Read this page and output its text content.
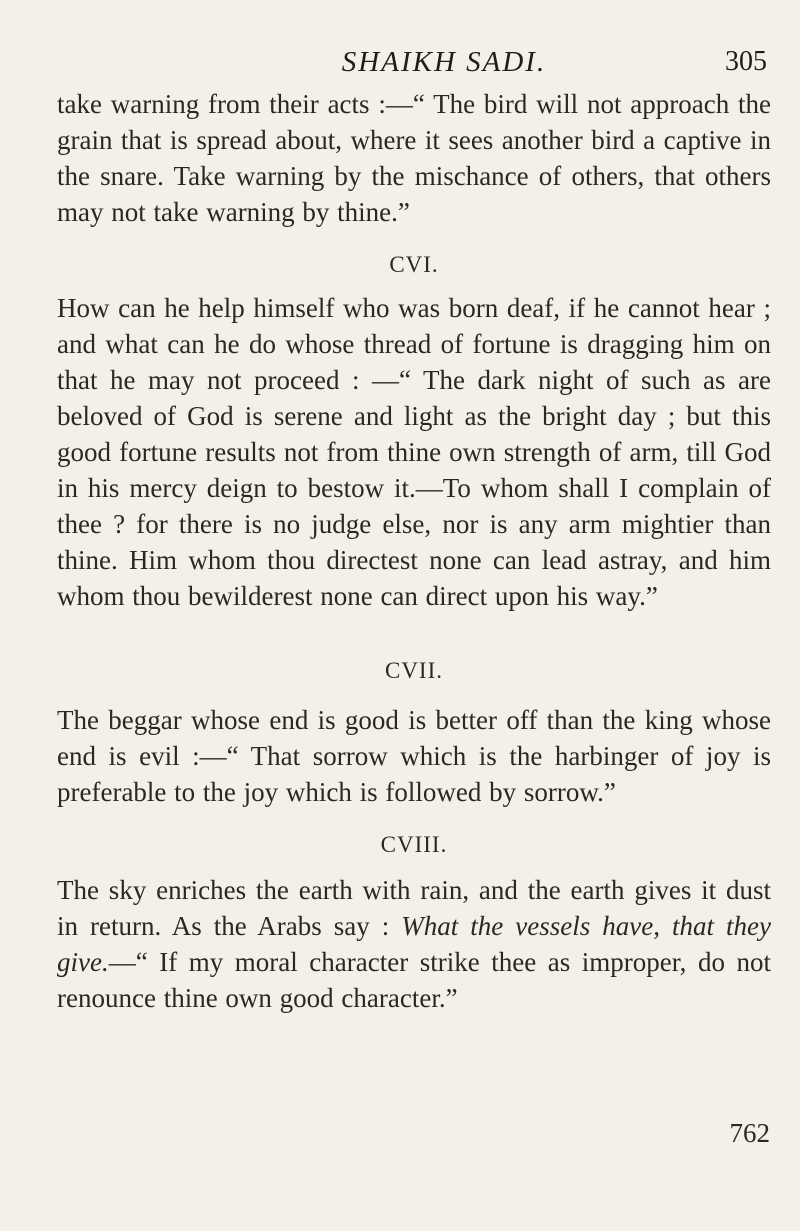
SHAIKH SADI.	305

take warning from their acts :—“ The bird will not approach the grain that is spread about, where it sees another bird a captive in the snare. Take warning by the mischance of others, that others may not take warning by thine.”

CVI.

How can he help himself who was born deaf, if he cannot hear ; and what can he do whose thread of fortune is dragging him on that he may not proceed : —“ The dark night of such as are beloved of God is serene and light as the bright day ; but this good fortune results not from thine own strength of arm, till God in his mercy deign to bestow it.—To whom shall I complain of thee ? for there is no judge else, nor is any arm mightier than thine. Him whom thou directest none can lead astray, and him whom thou bewilderest none can direct upon his way.”

CVII.

The beggar whose end is good is better off than the king whose end is evil :—“ That sorrow which is the harbinger of joy is preferable to the joy which is followed by sorrow.”

CVIII.

The sky enriches the earth with rain, and the earth gives it dust in return. As the Arabs say : What the vessels have, that they give.—“ If my moral character strike thee as improper, do not renounce thine own good character.”

762
